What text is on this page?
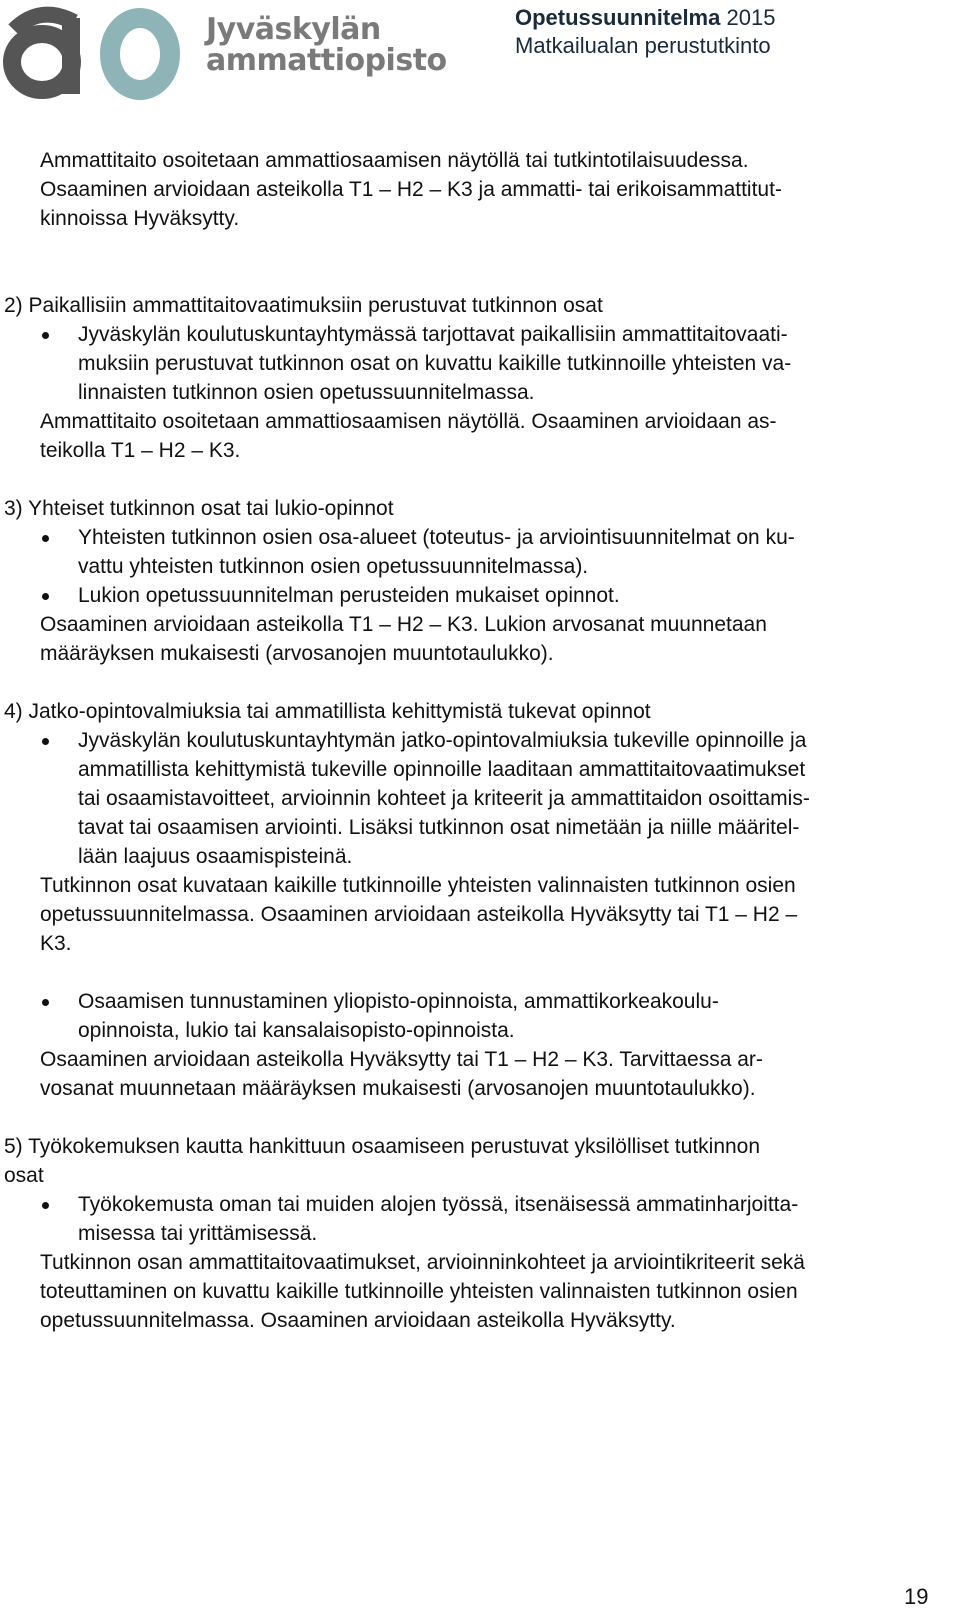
Jyväskylän
ammattiopisto
Opetussuunnitelma 2015
Matkailualan perustutkinto
Ammattitaito osoitetaan ammattiosaamisen näytöllä tai tutkintotilaisuudessa.
Osaaminen arvioidaan asteikolla T1 – H2 – K3 ja ammatti- tai erikoisammattitut-
kinnoissa Hyväksytty.
2) Paikallisiin ammattitaitovaatimuksiin perustuvat tutkinnon osat
Jyväskylän koulutuskuntayhtymässä tarjottavat paikallisiin ammattitaitovaati-
muksiin perustuvat tutkinnon osat on kuvattu kaikille tutkinnoille yhteisten va-
linnaisten tutkinnon osien opetussuunnitelmassa.
Ammattitaito osoitetaan ammattiosaamisen näytöllä. Osaaminen arvioidaan as-
teikolla T1 – H2 – K3.
3) Yhteiset tutkinnon osat tai lukio-opinnot
Yhteisten tutkinnon osien osa-alueet (toteutus- ja arviointisuunnitelmat on ku-
vattu yhteisten tutkinnon osien opetussuunnitelmassa).
Lukion opetussuunnitelman perusteiden mukaiset opinnot.
Osaaminen arvioidaan asteikolla T1 – H2 – K3. Lukion arvosanat muunnetaan
määräyksen mukaisesti (arvosanojen muuntotaulukko).
4) Jatko-opintovalmiuksia tai ammatillista kehittymistä tukevat opinnot
Jyväskylän koulutuskuntayhtymän jatko-opintovalmiuksia tukeville opinnoille ja
ammatillista kehittymistä tukeville opinnoille laaditaan ammattitaitovaatimukset
tai osaamistavoitteet, arvioinnin kohteet ja kriteerit ja ammattitaidon osoittamis-
tavat tai osaamisen arviointi. Lisäksi tutkinnon osat nimetään ja niille määritel-
lään laajuus osaamispisteinä.
Tutkinnon osat kuvataan kaikille tutkinnoille yhteisten valinnaisten tutkinnon osien
opetussuunnitelmassa. Osaaminen arvioidaan asteikolla Hyväksytty tai T1 – H2 –
K3.
Osaamisen tunnustaminen yliopisto-opinnoista, ammattikorkeakoulu-
opinnoista, lukio tai kansalaisopisto-opinnoista.
Osaaminen arvioidaan asteikolla Hyväksytty tai T1 – H2 – K3. Tarvittaessa ar-
vosanat muunnetaan määräyksen mukaisesti (arvosanojen muuntotaulukko).
5) Työkokemuksen kautta hankittuun osaamiseen perustuvat yksilölliset tutkinnon
osat
Työkokemusta oman tai muiden alojen työssä, itsenäisessä ammatinharjoitta-
misessa tai yrittämisessä.
Tutkinnon osan ammattitaitovaatimukset, arvioinninkohteet ja arviointikriteerit sekä
toteuttaminen on kuvattu kaikille tutkinnoille yhteisten valinnaisten tutkinnon osien
opetussuunnitelmassa. Osaaminen arvioidaan asteikolla Hyväksytty.
19
